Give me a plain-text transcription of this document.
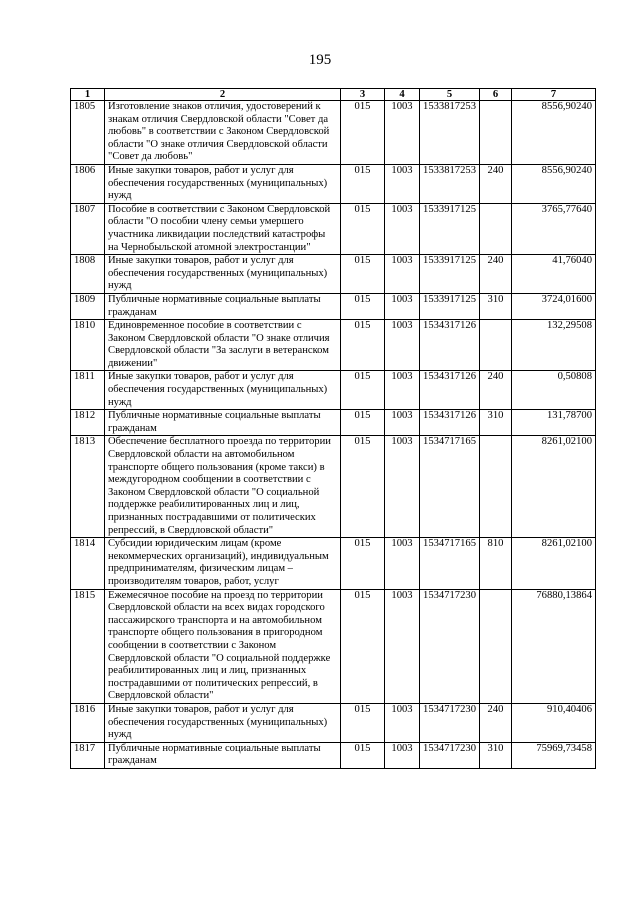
195
1	2	3	4	5	6	7
1805	Изготовление знаков отличия, удостоверений к знакам отличия Свердловской области "Совет да любовь" в соответствии с Законом Свердловской области "О знаке отличия Свердловской области "Совет да любовь"	015	1003	1533817253		8556,90240
1806	Иные закупки товаров, работ и услуг для обеспечения государственных (муниципальных) нужд	015	1003	1533817253	240	8556,90240
1807	Пособие в соответствии с Законом Свердловской области "О пособии члену семьи умершего участника ликвидации последствий катастрофы на Чернобыльской атомной электростанции"	015	1003	1533917125		3765,77640
1808	Иные закупки товаров, работ и услуг для обеспечения государственных (муниципальных) нужд	015	1003	1533917125	240	41,76040
1809	Публичные нормативные социальные выплаты гражданам	015	1003	1533917125	310	3724,01600
1810	Единовременное пособие в соответствии с Законом Свердловской области "О знаке отличия Свердловской области "За заслуги в ветеранском движении"	015	1003	1534317126		132,29508
1811	Иные закупки товаров, работ и услуг для обеспечения государственных (муниципальных) нужд	015	1003	1534317126	240	0,50808
1812	Публичные нормативные социальные выплаты гражданам	015	1003	1534317126	310	131,78700
1813	Обеспечение бесплатного проезда по территории Свердловской области на автомобильном транспорте общего пользования (кроме такси) в междугородном сообщении в соответствии с Законом Свердловской области "О социальной поддержке реабилитированных лиц и лиц, признанных пострадавшими от политических репрессий, в Свердловской области"	015	1003	1534717165		8261,02100
1814	Субсидии юридическим лицам (кроме некоммерческих организаций), индивидуальным предпринимателям, физическим лицам – производителям товаров, работ, услуг	015	1003	1534717165	810	8261,02100
1815	Ежемесячное пособие на проезд по территории Свердловской области на всех видах городского пассажирского транспорта и на автомобильном транспорте общего пользования в пригородном сообщении в соответствии с Законом Свердловской области "О социальной поддержке реабилитированных лиц и лиц, признанных пострадавшими от политических репрессий, в Свердловской области"	015	1003	1534717230		76880,13864
1816	Иные закупки товаров, работ и услуг для обеспечения государственных (муниципальных) нужд	015	1003	1534717230	240	910,40406
1817	Публичные нормативные социальные выплаты гражданам	015	1003	1534717230	310	75969,73458
